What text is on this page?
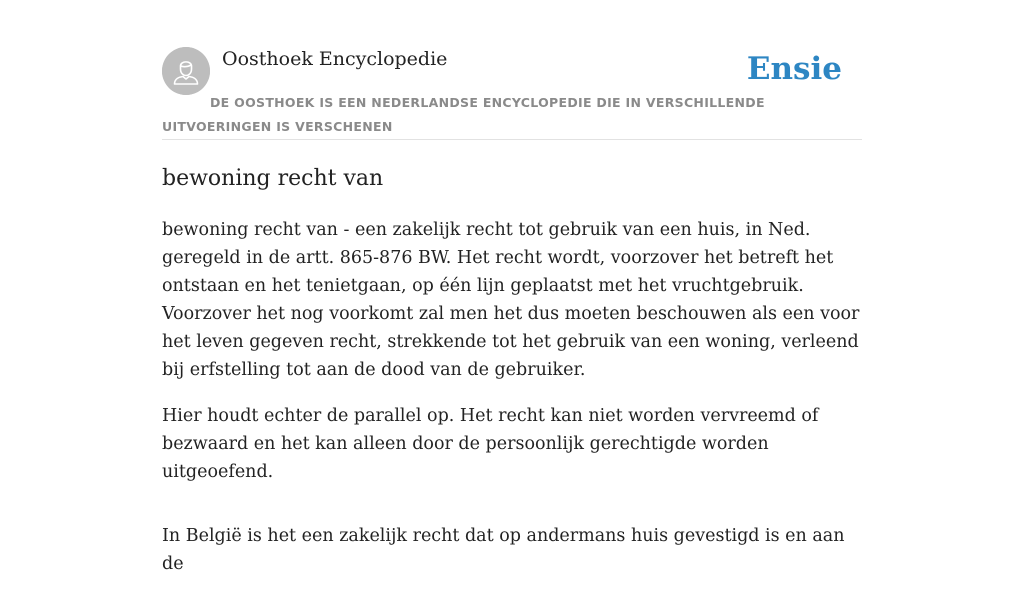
Oosthoek Encyclopedie	Ensie
DE OOSTHOEK IS EEN NEDERLANDSE ENCYCLOPEDIE DIE IN VERSCHILLENDE UITVOERINGEN IS VERSCHENEN
bewoning recht van

bewoning recht van - een zakelijk recht tot gebruik van een huis, in Ned. geregeld in de artt. 865-876 BW. Het recht wordt, voorzover het betreft het ontstaan en het tenietgaan, op één lijn geplaatst met het vruchtgebruik. Voorzover het nog voorkomt zal men het dus moeten beschouwen als een voor het leven gegeven recht, strekkende tot het gebruik van een woning, verleend bij erfstelling tot aan de dood van de gebruiker.

Hier houdt echter de parallel op. Het recht kan niet worden vervreemd of bezwaard en het kan alleen door de persoonlijk gerechtigde worden uitgeoefend.

In België is het een zakelijk recht dat op andermans huis gevestigd is en aan de
